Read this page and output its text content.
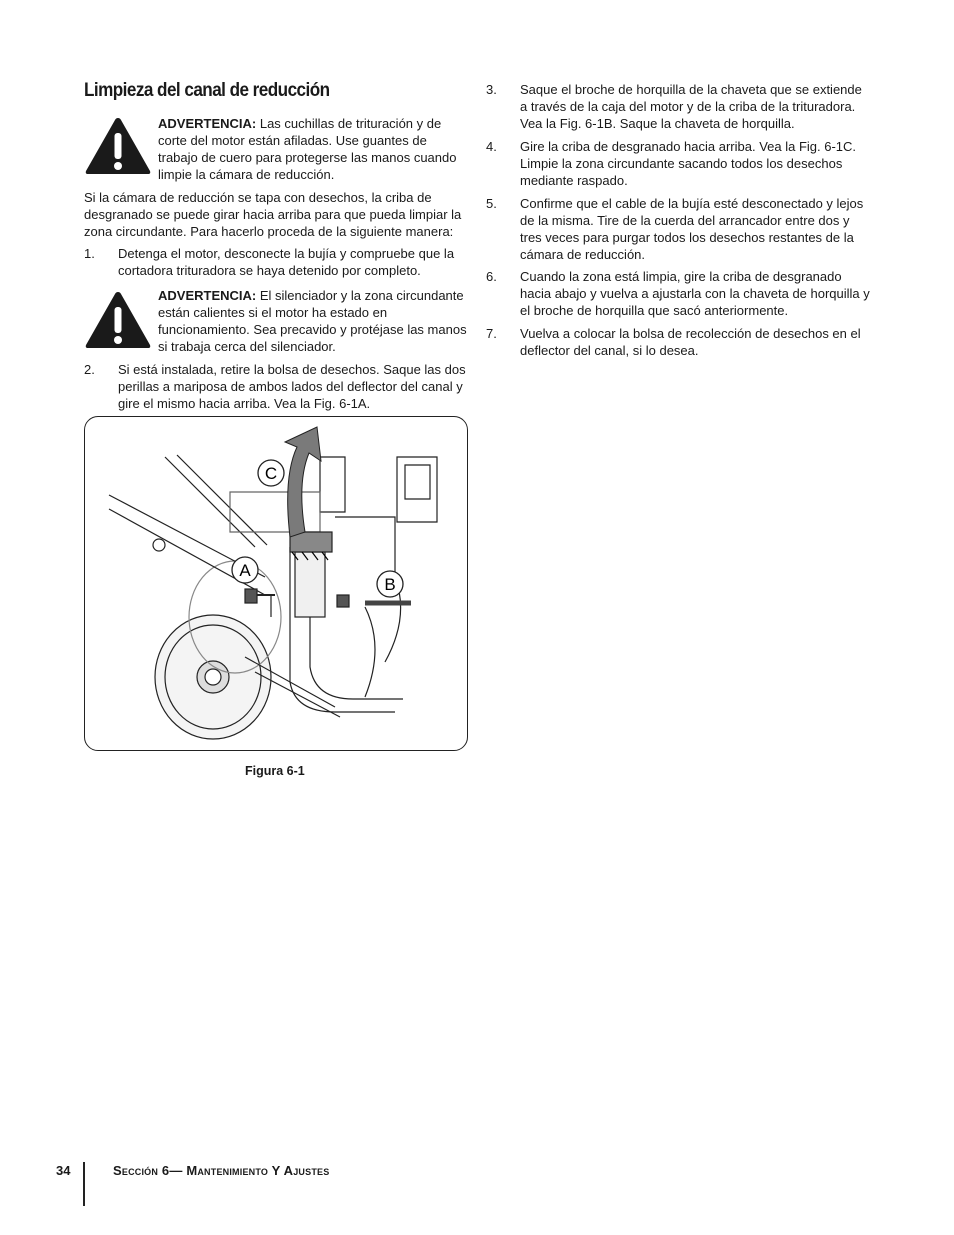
Limpieza del canal de reducción
ADVERTENCIA: Las cuchillas de trituración y de corte del motor están afiladas. Use guantes de trabajo de cuero para protegerse las manos cuando limpie la cámara de reducción.
Si la cámara de reducción se tapa con desechos, la criba de desgranado se puede girar hacia arriba para que pueda limpiar la zona circundante. Para hacerlo proceda de la siguiente manera:
1. Detenga el motor, desconecte la bujía y compruebe que la cortadora trituradora se haya detenido por completo.
ADVERTENCIA: El silenciador y la zona circundante están calientes si el motor ha estado en funcionamiento. Sea precavido y protéjase las manos si trabaja cerca del silenciador.
2. Si está instalada, retire la bolsa de desechos. Saque las dos perillas a mariposa de ambos lados del deflector del canal y gire el mismo hacia arriba. Vea la Fig. 6-1A.
C
A
B
Figura 6-1
3. Saque el broche de horquilla de la chaveta que se extiende a través de la caja del motor y de la criba de la trituradora. Vea la Fig. 6-1B. Saque la chaveta de horquilla.
4. Gire la criba de desgranado hacia arriba. Vea la Fig. 6-1C. Limpie la zona circundante sacando todos los desechos mediante raspado.
5. Confirme que el cable de la bujía esté desconectado y lejos de la misma. Tire de la cuerda del arrancador entre dos y tres veces para purgar todos los desechos restantes de la cámara de reducción.
6. Cuando la zona está limpia, gire la criba de desgranado hacia abajo y vuelva a ajustarla con la chaveta de horquilla y el broche de horquilla que sacó anteriormente.
7. Vuelva a colocar la bolsa de recolección de desechos en el deflector del canal, si lo desea.
34	Sección 6— Mantenimiento Y Ajustes
